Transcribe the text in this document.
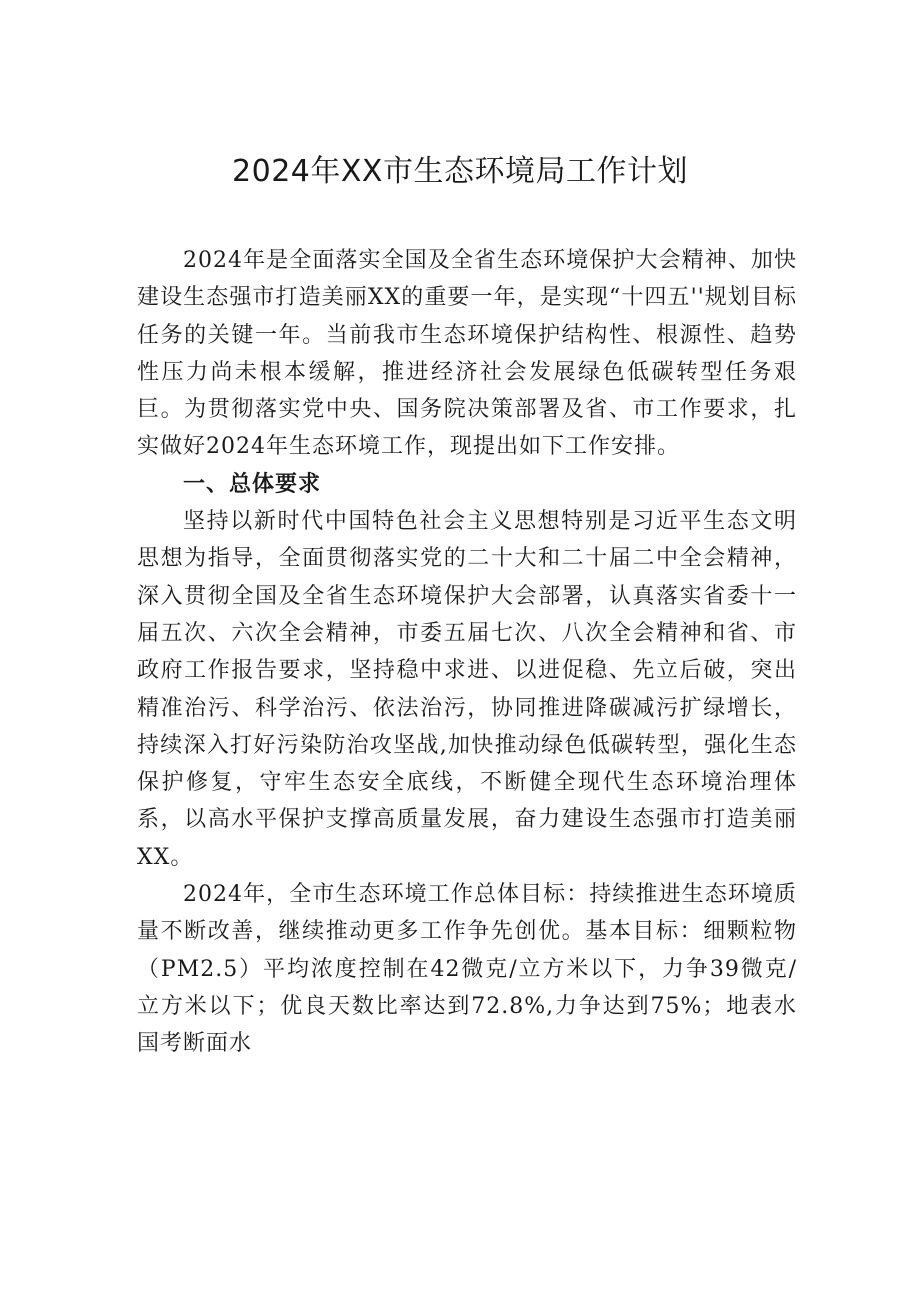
2024年XX市生态环境局工作计划

2024年是全面落实全国及全省生态环境保护大会精神、加快建设生态强市打造美丽XX的重要一年，是实现“十四五''规划目标任务的关键一年。当前我市生态环境保护结构性、根源性、趋势性压力尚未根本缓解，推进经济社会发展绿色低碳转型任务艰巨。为贯彻落实党中央、国务院决策部署及省、市工作要求，扎实做好2024年生态环境工作，现提出如下工作安排。

一、总体要求

坚持以新时代中国特色社会主义思想特别是习近平生态文明思想为指导，全面贯彻落实党的二十大和二十届二中全会精神，深入贯彻全国及全省生态环境保护大会部署，认真落实省委十一届五次、六次全会精神，市委五届七次、八次全会精神和省、市政府工作报告要求，坚持稳中求进、以进促稳、先立后破，突出精准治污、科学治污、依法治污，协同推进降碳减污扩绿增长，持续深入打好污染防治攻坚战,加快推动绿色低碳转型，强化生态保护修复，守牢生态安全底线，不断健全现代生态环境治理体系，以高水平保护支撑高质量发展，奋力建设生态强市打造美丽XX。

2024年，全市生态环境工作总体目标：持续推进生态环境质量不断改善，继续推动更多工作争先创优。基本目标：细颗粒物（PM2.5）平均浓度控制在42微克/立方米以下，力争39微克/立方米以下；优良天数比率达到72.8%,力争达到75%；地表水国考断面水
